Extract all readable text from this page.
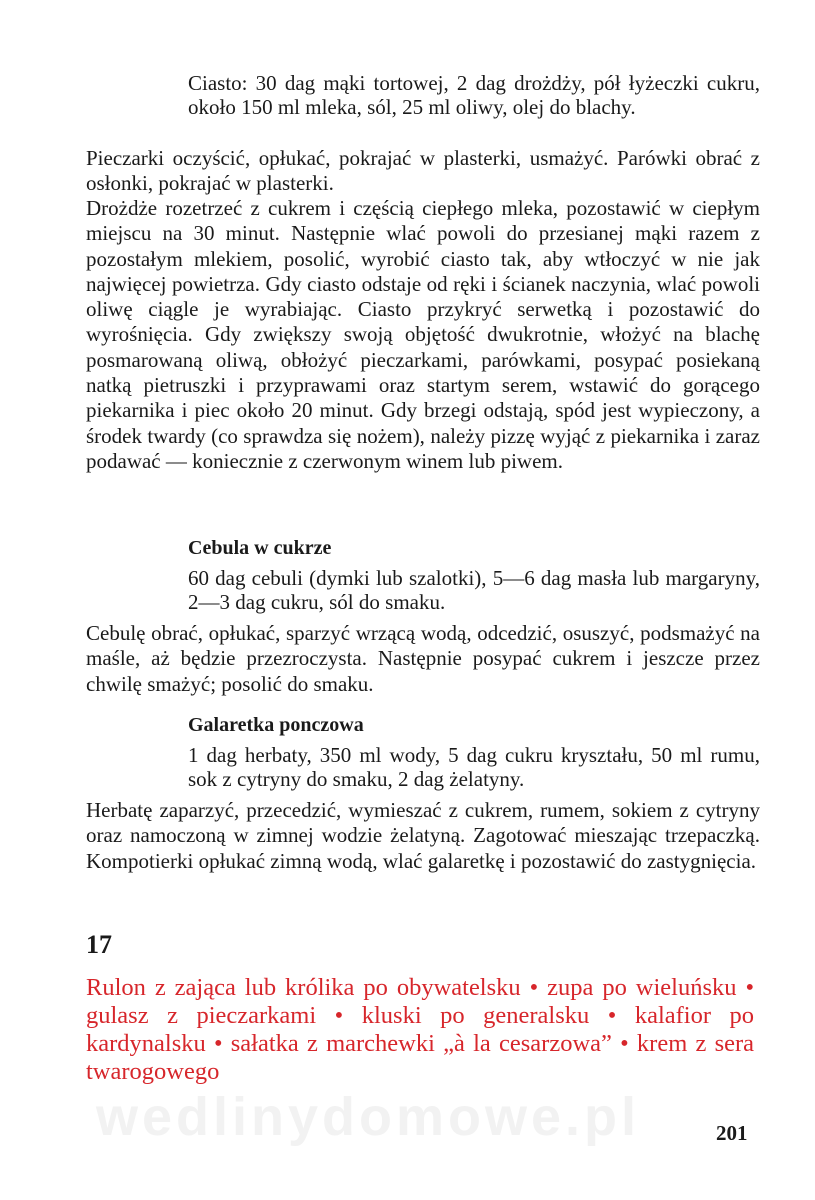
Ciasto: 30 dag mąki tortowej, 2 dag drożdży, pół łyżeczki cukru, około 150 ml mleka, sól, 25 ml oliwy, olej do blachy.

Pieczarki oczyścić, opłukać, pokrajać w plasterki, usmażyć. Parówki obrać z osłonki, pokrajać w plasterki.

Drożdże rozetrzeć z cukrem i częścią ciepłego mleka, pozostawić w ciepłym miejscu na 30 minut. Następnie wlać powoli do przesianej mąki razem z pozostałym mlekiem, posolić, wyrobić ciasto tak, aby wtłoczyć w nie jak najwięcej powietrza. Gdy ciasto odstaje od ręki i ścianek naczynia, wlać powoli oliwę ciągle je wyrabiając. Ciasto przykryć serwetką i pozostawić do wyrośnięcia. Gdy zwiększy swoją objętość dwukrotnie, włożyć na blachę posmarowaną oliwą, obłożyć pieczarkami, parówkami, posypać posiekaną natką pietruszki i przyprawami oraz startym serem, wstawić do gorącego piekarnika i piec około 20 minut. Gdy brzegi odstają, spód jest wypieczony, a środek twardy (co sprawdza się nożem), należy pizzę wyjąć z piekarnika i zaraz podawać — koniecznie z czerwonym winem lub piwem.

Cebula w cukrze

60 dag cebuli (dymki lub szalotki), 5—6 dag masła lub margaryny, 2—3 dag cukru, sól do smaku.

Cebulę obrać, opłukać, sparzyć wrzącą wodą, odcedzić, osuszyć, podsmażyć na maśle, aż będzie przezroczysta. Następnie posypać cukrem i jeszcze przez chwilę smażyć; posolić do smaku.

Galaretka ponczowa

1 dag herbaty, 350 ml wody, 5 dag cukru kryształu, 50 ml rumu, sok z cytryny do smaku, 2 dag żelatyny.

Herbatę zaparzyć, przecedzić, wymieszać z cukrem, rumem, sokiem z cytryny oraz namoczoną w zimnej wodzie żelatyną. Zagotować mieszając trzepaczką. Kompotierki opłukać zimną wodą, wlać galaretkę i pozostawić do zastygnięcia.

17

Rulon z zająca lub królika po obywatelsku • zupa po wieluńsku • gulasz z pieczarkami • kluski po generalsku • kalafior po kardynalsku • sałatka z marchewki „à la cesarzowa” • krem z sera twarogowego

wedlinydomowe.pl	201
